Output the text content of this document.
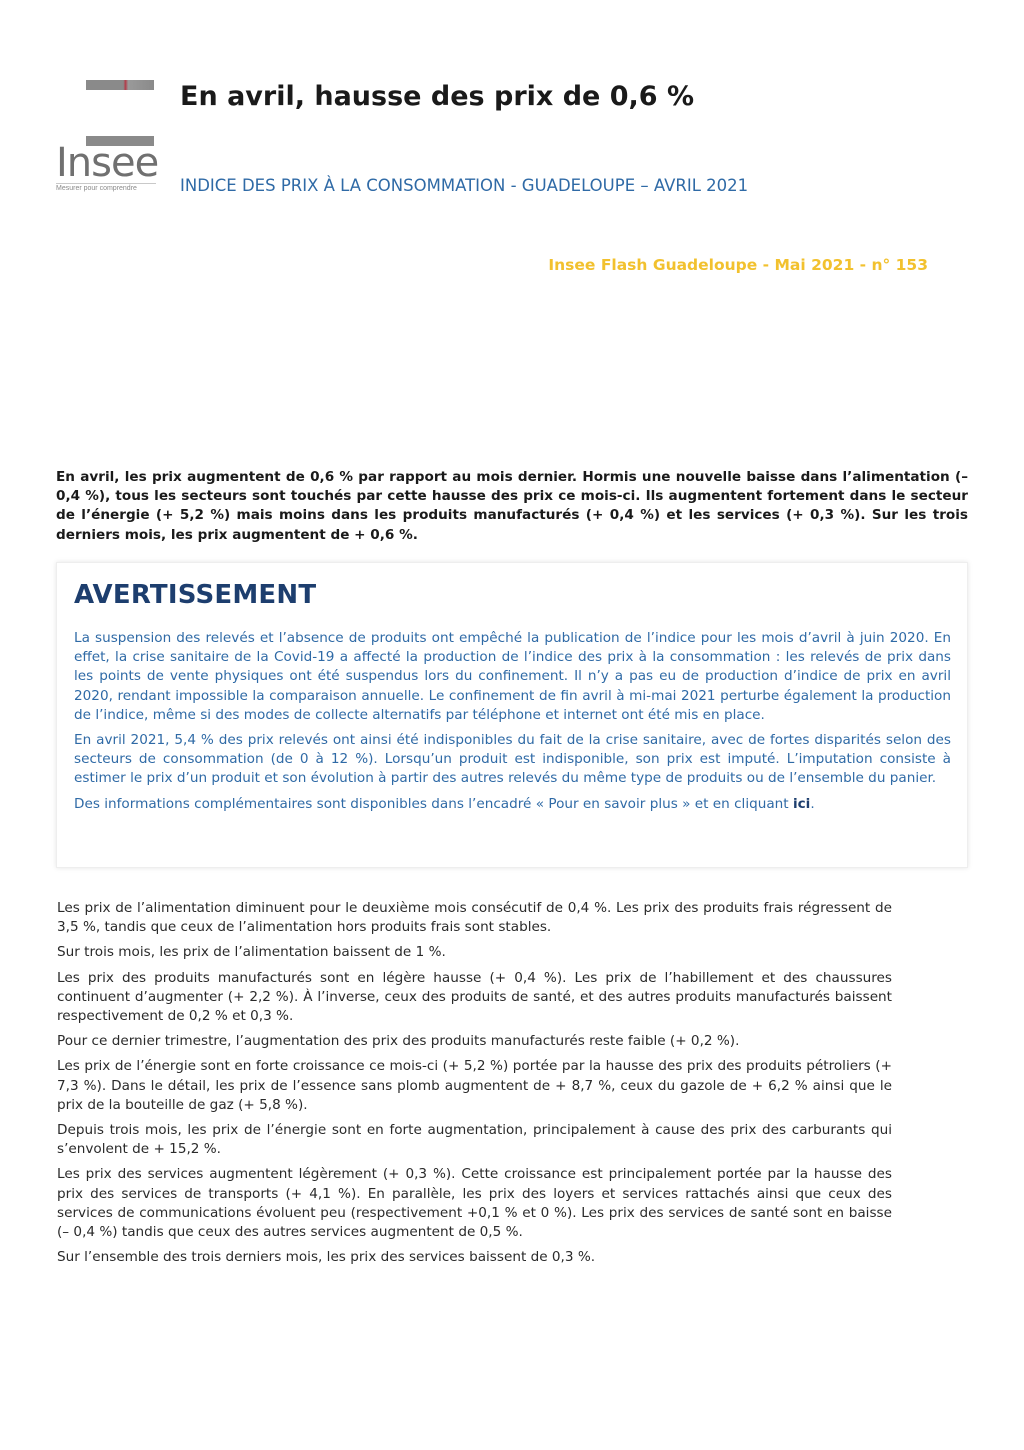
Insee
Mesurer pour comprendre
En avril, hausse des prix de 0,6 %
INDICE DES PRIX À LA CONSOMMATION - GUADELOUPE – AVRIL 2021
Insee Flash Guadeloupe - Mai 2021 - n° 153

En avril, les prix augmentent de 0,6 % par rapport au mois dernier. Hormis une nouvelle baisse dans l’alimentation (– 0,4 %), tous les secteurs sont touchés par cette hausse des prix ce mois-ci. Ils augmentent fortement dans le secteur de l’énergie (+ 5,2 %) mais moins dans les produits manufacturés (+ 0,4 %) et les services (+ 0,3 %). Sur les trois derniers mois, les prix augmentent de + 0,6 %.

AVERTISSEMENT

La suspension des relevés et l’absence de produits ont empêché la publication de l’indice pour les mois d’avril à juin 2020. En effet, la crise sanitaire de la Covid-19 a affecté la production de l’indice des prix à la consommation : les relevés de prix dans les points de vente physiques ont été suspendus lors du confinement. Il n’y a pas eu de production d’indice de prix en avril 2020, rendant impossible la comparaison annuelle. Le confinement de fin avril à mi-mai 2021 perturbe également la production de l’indice, même si des modes de collecte alternatifs par téléphone et internet ont été mis en place.

En avril 2021, 5,4 % des prix relevés ont ainsi été indisponibles du fait de la crise sanitaire, avec de fortes disparités selon des secteurs de consommation (de 0 à 12 %). Lorsqu’un produit est indisponible, son prix est imputé. L’imputation consiste à estimer le prix d’un produit et son évolution à partir des autres relevés du même type de produits ou de l’ensemble du panier.

Des informations complémentaires sont disponibles dans l’encadré « Pour en savoir plus » et en cliquant ici.

Les prix de l’alimentation diminuent pour le deuxième mois consécutif de 0,4 %. Les prix des produits frais régressent de 3,5 %, tandis que ceux de l’alimentation hors produits frais sont stables.

Sur trois mois, les prix de l’alimentation baissent de 1 %.

Les prix des produits manufacturés sont en légère hausse (+ 0,4 %). Les prix de l’habillement et des chaussures continuent d’augmenter (+ 2,2 %). À l’inverse, ceux des produits de santé, et des autres produits manufacturés baissent respectivement de 0,2 % et 0,3 %.

Pour ce dernier trimestre, l’augmentation des prix des produits manufacturés reste faible (+ 0,2 %).

Les prix de l’énergie sont en forte croissance ce mois-ci (+ 5,2 %) portée par la hausse des prix des produits pétroliers (+ 7,3 %). Dans le détail, les prix de l’essence sans plomb augmentent de + 8,7 %, ceux du gazole de + 6,2 % ainsi que le prix de la bouteille de gaz (+ 5,8 %).

Depuis trois mois, les prix de l’énergie sont en forte augmentation, principalement à cause des prix des carburants qui s’envolent de + 15,2 %.

Les prix des services augmentent légèrement (+ 0,3 %). Cette croissance est principalement portée par la hausse des prix des services de transports (+ 4,1 %). En parallèle, les prix des loyers et services rattachés ainsi que ceux des services de communications évoluent peu (respectivement +0,1 % et 0 %). Les prix des services de santé sont en baisse (– 0,4 %) tandis que ceux des autres services augmentent de 0,5 %.

Sur l’ensemble des trois derniers mois, les prix des services baissent de 0,3 %.
